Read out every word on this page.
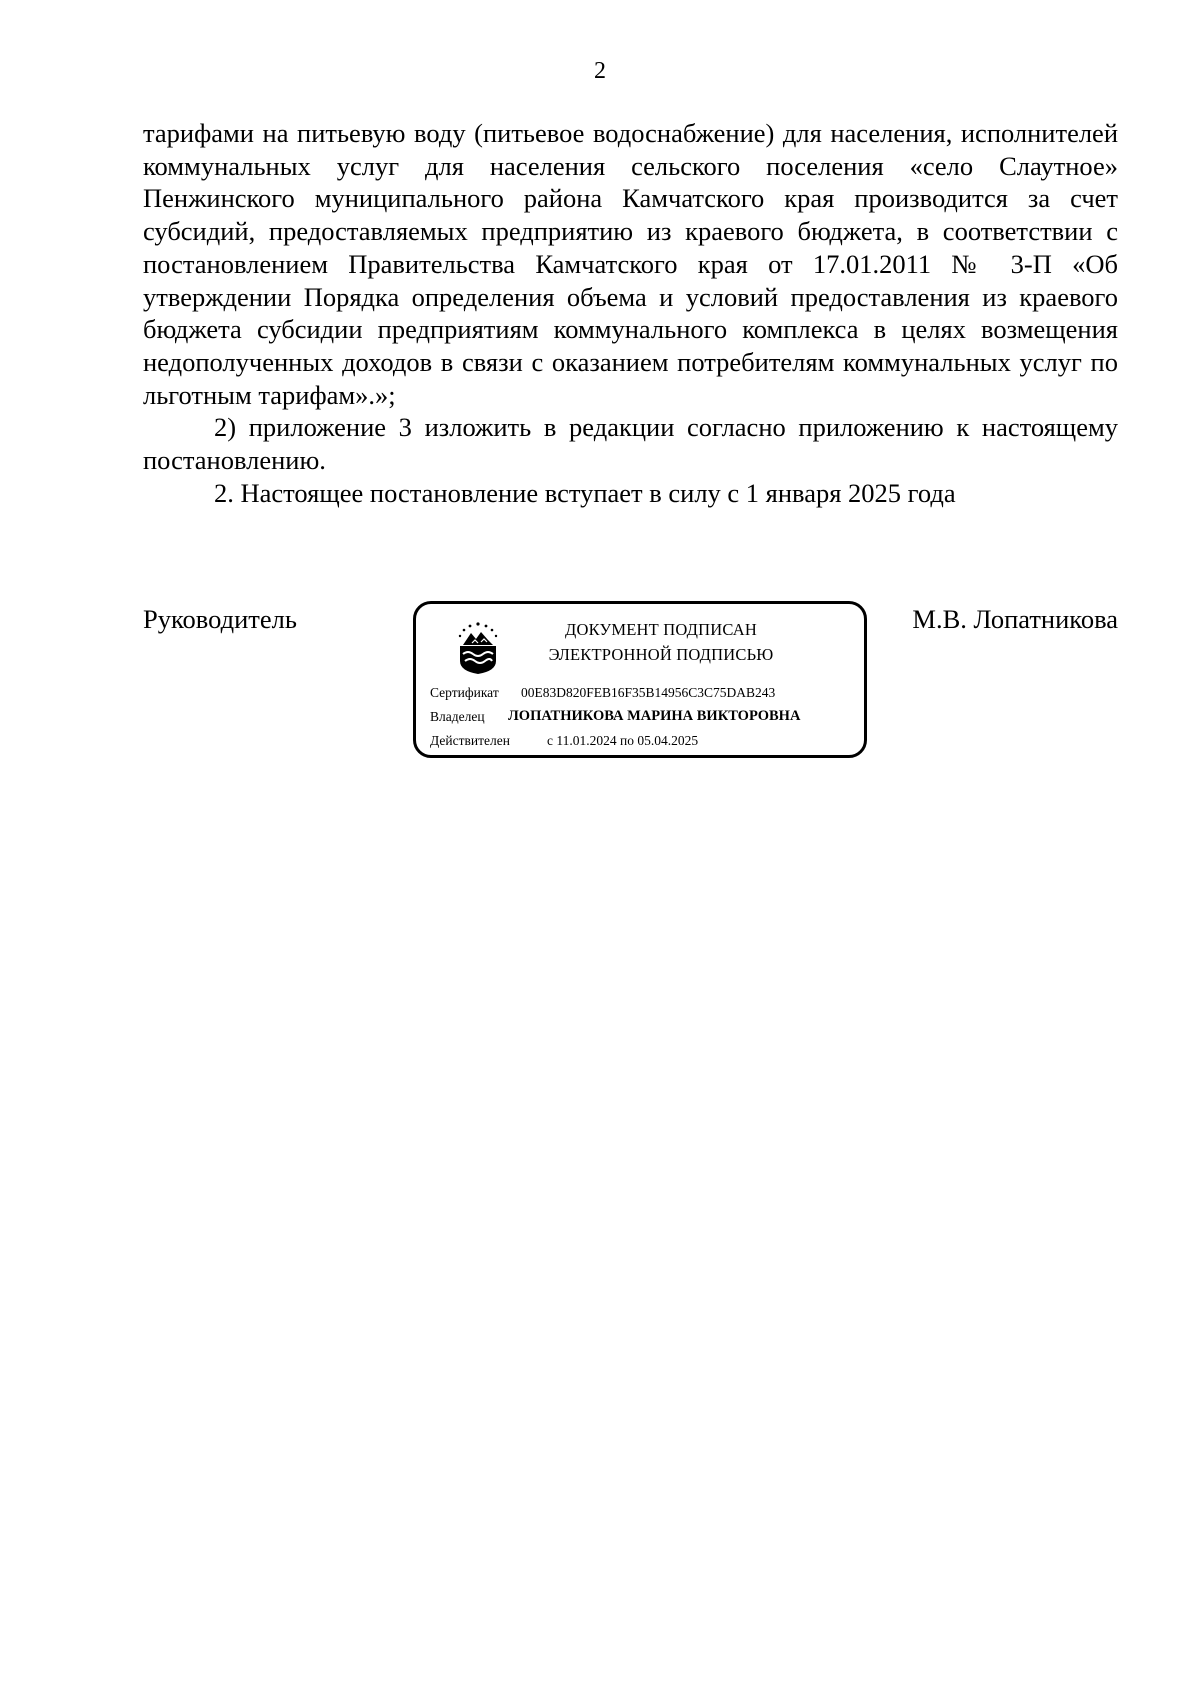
2

тарифами на питьевую воду (питьевое водоснабжение) для населения, исполнителей коммунальных услуг для населения сельского поселения «село Слаутное» Пенжинского муниципального района Камчатского края производится за счет субсидий, предоставляемых предприятию из краевого бюджета, в соответствии с постановлением Правительства Камчатского края от 17.01.2011 № 3-П «Об утверждении Порядка определения объема и условий предоставления из краевого бюджета субсидии предприятиям коммунального комплекса в целях возмещения недополученных доходов в связи с оказанием потребителям коммунальных услуг по льготным тарифам».»;

2) приложение 3 изложить в редакции согласно приложению к настоящему постановлению.

2. Настоящее постановление вступает в силу с 1 января 2025 года

Руководитель	ДОКУМЕНТ ПОДПИСАН
ЭЛЕКТРОННОЙ ПОДПИСЬЮ
Сертификат 00E83D820FEB16F35B14956C3C75DAB243
Владелец ЛОПАТНИКОВА МАРИНА ВИКТОРОВНА
Действителен	с 11.01.2024 по 05.04.2025
М.В. Лопатникова
